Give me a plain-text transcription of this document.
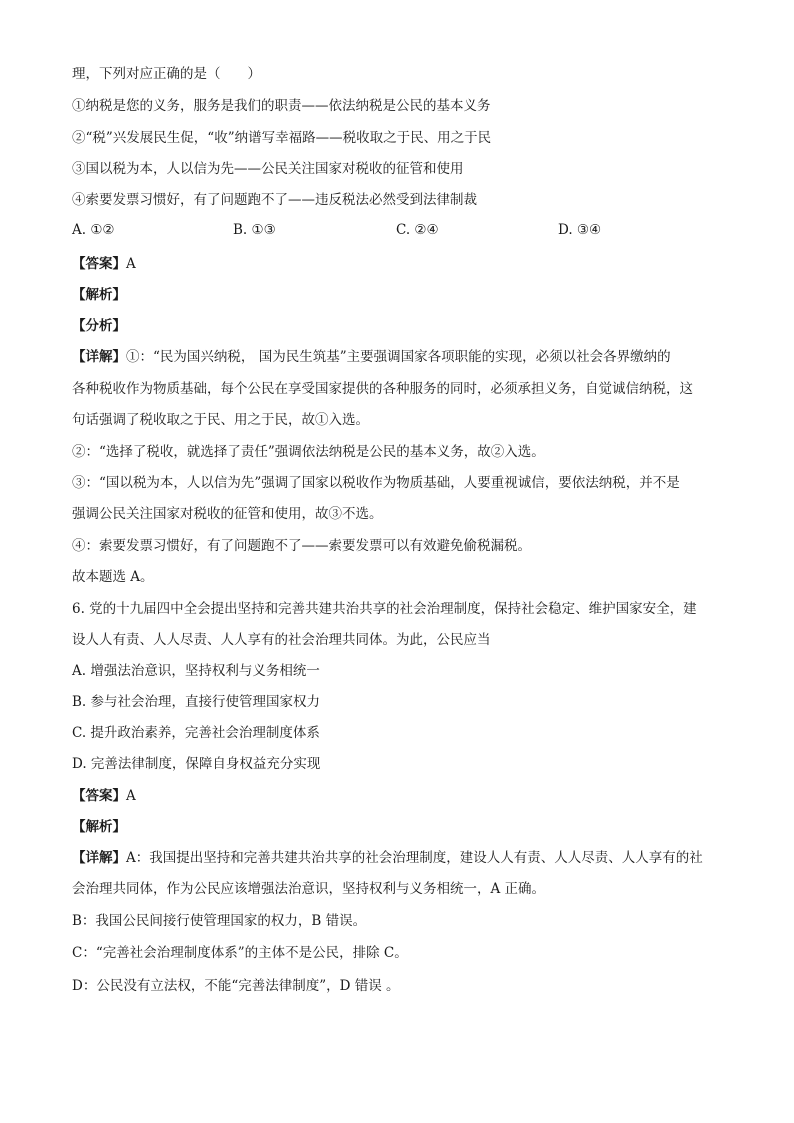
理，下列对应正确的是（　　）
①纳税是您的义务，服务是我们的职责——依法纳税是公民的基本义务
②“税”兴发展民生促，“收”纳谱写幸福路——税收取之于民、用之于民
③国以税为本，人以信为先——公民关注国家对税收的征管和使用
④索要发票习惯好，有了问题跑不了——违反税法必然受到法律制裁
A. ①②	B. ①③	C. ②④	D. ③④
【答案】A
【解析】
【分析】
【详解】①：“民为国兴纳税， 国为民生筑基”主要强调国家各项职能的实现，必须以社会各界缴纳的
各种税收作为物质基础，每个公民在享受国家提供的各种服务的同时，必须承担义务，自觉诚信纳税，这
句话强调了税收取之于民、用之于民，故①入选。
②：“选择了税收，就选择了责任”强调依法纳税是公民的基本义务，故②入选。
③：“国以税为本，人以信为先”强调了国家以税收作为物质基础，人要重视诚信，要依法纳税，并不是
强调公民关注国家对税收的征管和使用，故③不选。
④：索要发票习惯好，有了问题跑不了——索要发票可以有效避免偷税漏税。
故本题选 A。
6. 党的十九届四中全会提出坚持和完善共建共治共享的社会治理制度，保持社会稳定、维护国家安全，建
设人人有责、人人尽责、人人享有的社会治理共同体。为此，公民应当
A. 增强法治意识，坚持权利与义务相统一
B. 参与社会治理，直接行使管理国家权力
C. 提升政治素养，完善社会治理制度体系
D. 完善法律制度，保障自身权益充分实现
【答案】A
【解析】
【详解】A：我国提出坚持和完善共建共治共享的社会治理制度，建设人人有责、人人尽责、人人享有的社
会治理共同体，作为公民应该增强法治意识，坚持权利与义务相统一，A 正确。
B：我国公民间接行使管理国家的权力，B 错误。
C：“完善社会治理制度体系”的主体不是公民，排除 C。
D：公民没有立法权，不能“完善法律制度”，D 错误 。
